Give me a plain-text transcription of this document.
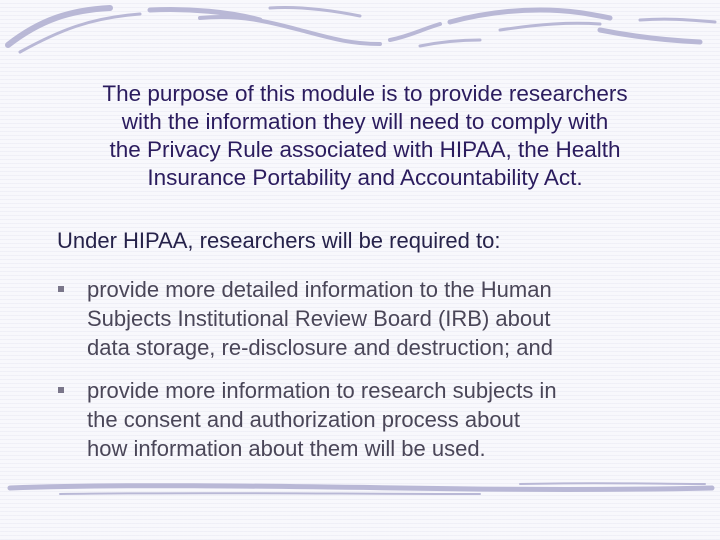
The purpose of this module is to provide researchers
with the information they will need to comply with
the Privacy Rule associated with HIPAA, the Health
Insurance Portability and Accountability Act.
Under HIPAA, researchers will be required to:
provide more detailed information to the Human
Subjects Institutional Review Board (IRB) about
data storage, re-disclosure and destruction; and
provide more information to research subjects in
the consent and authorization process about
how information about them will be used.
